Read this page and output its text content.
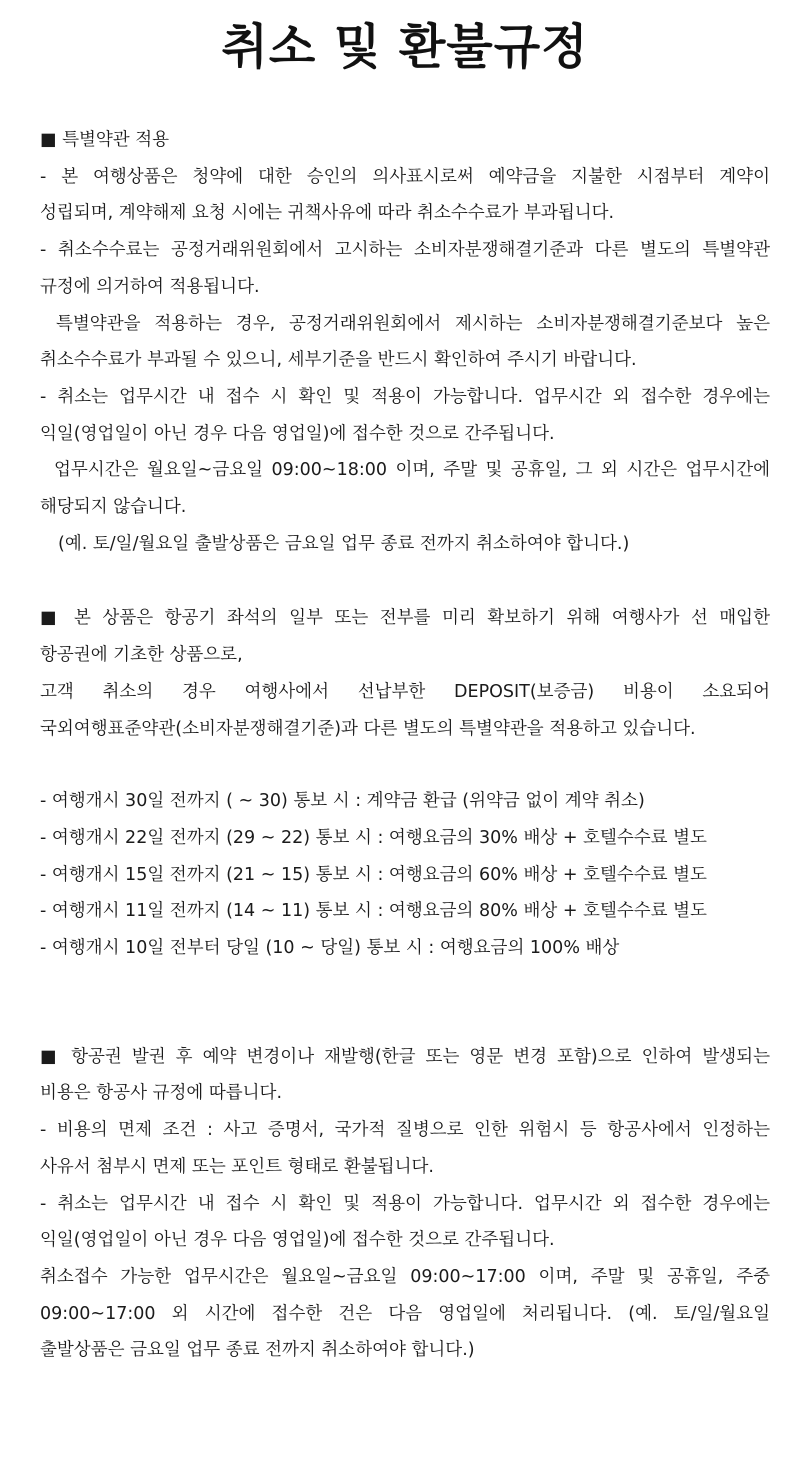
취소 및 환불규정
■ 특별약관 적용
- 본 여행상품은 청약에 대한 승인의 의사표시로써 예약금을 지불한 시점부터 계약이
성립되며, 계약해제 요청 시에는 귀책사유에 따라 취소수수료가 부과됩니다.
- 취소수수료는 공정거래위원회에서 고시하는 소비자분쟁해결기준과 다른 별도의 특별약관
규정에 의거하여 적용됩니다.
특별약관을 적용하는 경우, 공정거래위원회에서 제시하는 소비자분쟁해결기준보다 높은
취소수수료가 부과될 수 있으니, 세부기준을 반드시 확인하여 주시기 바랍니다.
- 취소는 업무시간 내 접수 시 확인 및 적용이 가능합니다. 업무시간 외 접수한 경우에는
익일(영업일이 아닌 경우 다음 영업일)에 접수한 것으로 간주됩니다.
업무시간은 월요일~금요일 09:00~18:00 이며, 주말 및 공휴일, 그 외 시간은 업무시간에
해당되지 않습니다.
(예. 토/일/월요일 출발상품은 금요일 업무 종료 전까지 취소하여야 합니다.)
■ 본 상품은 항공기 좌석의 일부 또는 전부를 미리 확보하기 위해 여행사가 선 매입한
항공권에 기초한 상품으로,
고객 취소의 경우 여행사에서 선납부한 DEPOSIT(보증금) 비용이 소요되어
국외여행표준약관(소비자분쟁해결기준)과 다른 별도의 특별약관을 적용하고 있습니다.
- 여행개시 30일 전까지 ( ~ 30) 통보 시 : 계약금 환급 (위약금 없이 계약 취소)
- 여행개시 22일 전까지 (29 ~ 22) 통보 시 : 여행요금의 30% 배상 + 호텔수수료 별도
- 여행개시 15일 전까지 (21 ~ 15) 통보 시 : 여행요금의 60% 배상 + 호텔수수료 별도
- 여행개시 11일 전까지 (14 ~ 11) 통보 시 : 여행요금의 80% 배상 + 호텔수수료 별도
- 여행개시 10일 전부터 당일 (10 ~ 당일) 통보 시 : 여행요금의 100% 배상
■ 항공권 발권 후 예약 변경이나 재발행(한글 또는 영문 변경 포함)으로 인하여 발생되는
비용은 항공사 규정에 따릅니다.
- 비용의 면제 조건 : 사고 증명서, 국가적 질병으로 인한 위험시 등 항공사에서 인정하는
사유서 첨부시 면제 또는 포인트 형태로 환불됩니다.
- 취소는 업무시간 내 접수 시 확인 및 적용이 가능합니다. 업무시간 외 접수한 경우에는
익일(영업일이 아닌 경우 다음 영업일)에 접수한 것으로 간주됩니다.
취소접수 가능한 업무시간은 월요일~금요일 09:00~17:00 이며, 주말 및 공휴일, 주중
09:00~17:00 외 시간에 접수한 건은 다음 영업일에 처리됩니다. (예. 토/일/월요일
출발상품은 금요일 업무 종료 전까지 취소하여야 합니다.)
